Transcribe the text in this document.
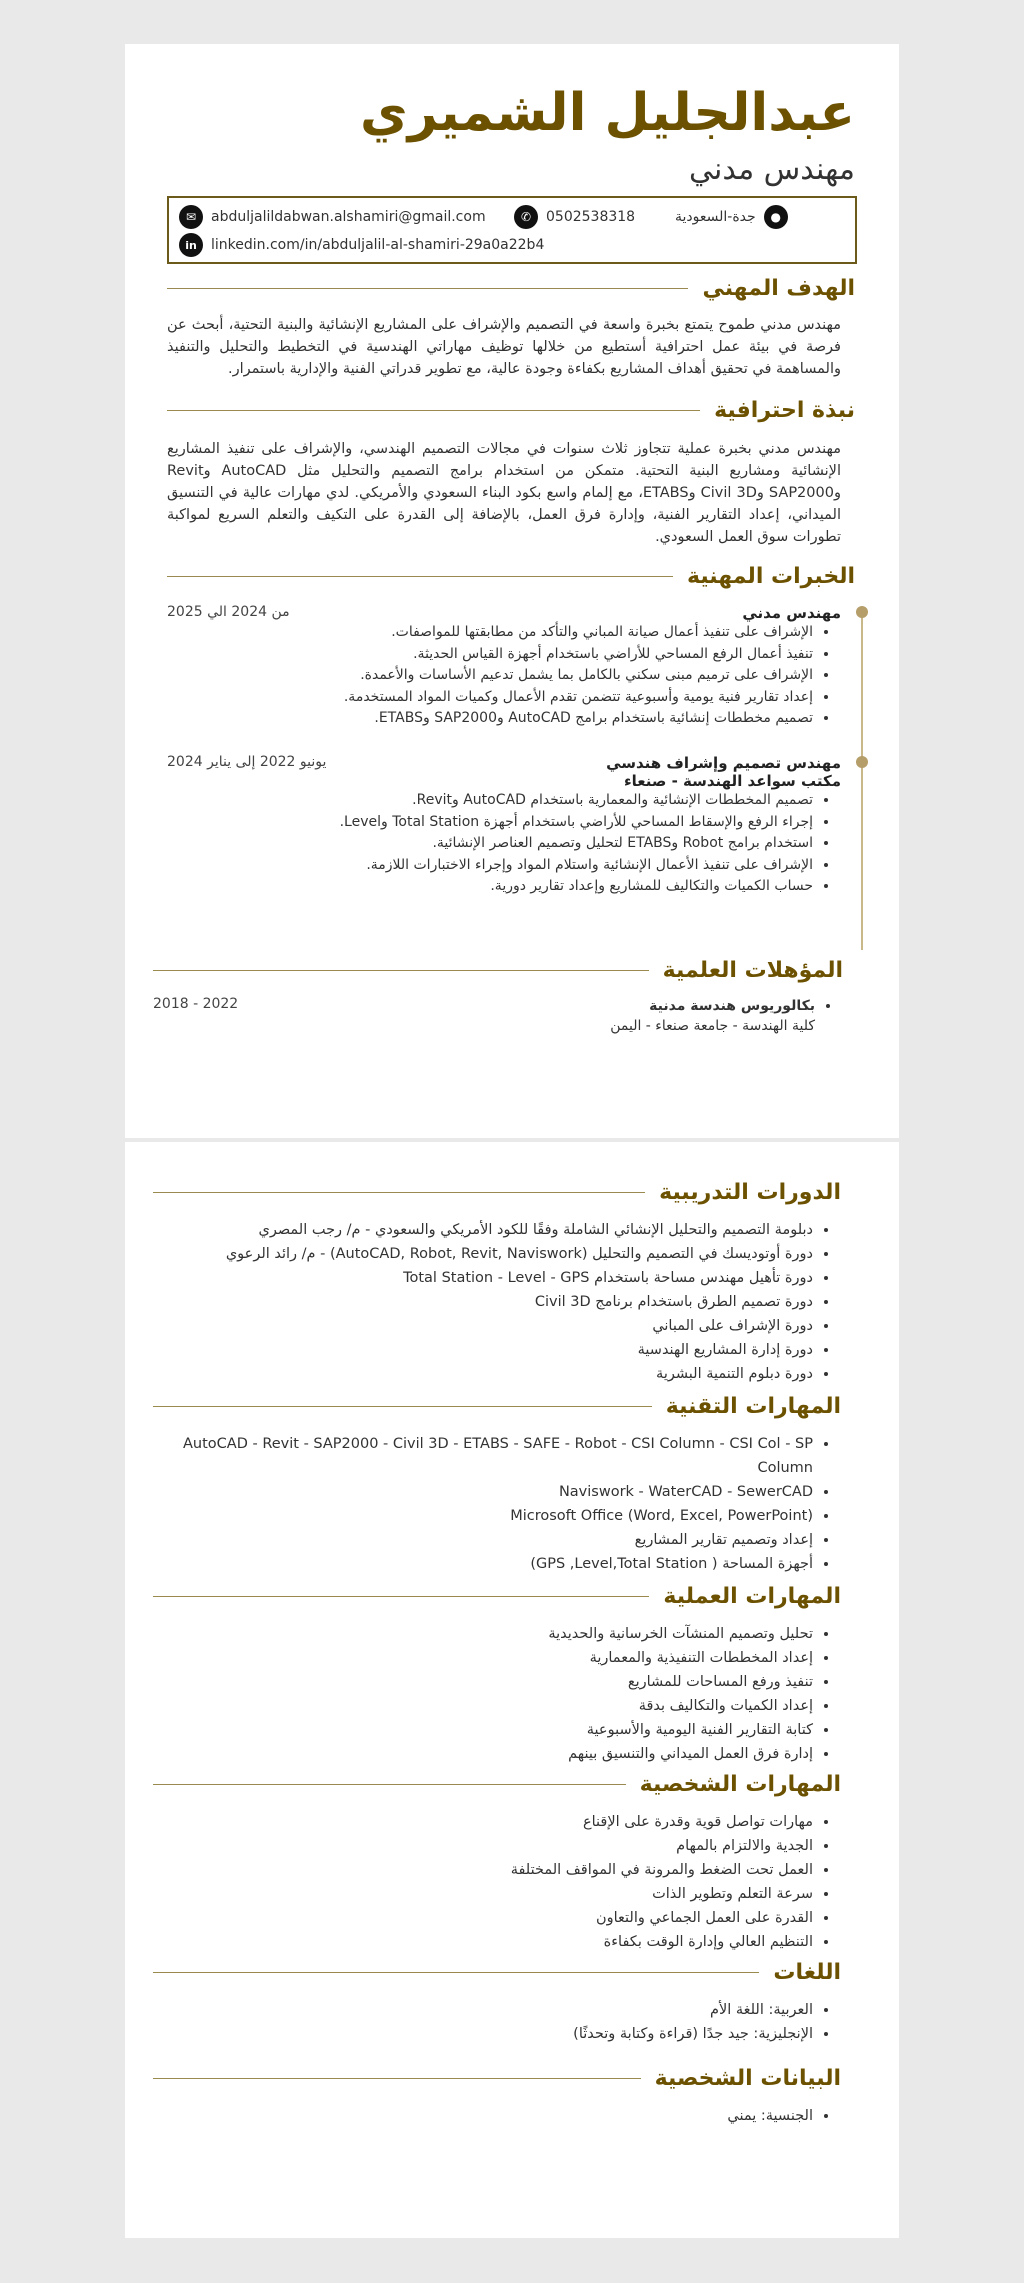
عبدالجليل الشميري
مهندس مدني
✉	abduljalildabwan.alshamiri@gmail.com	✆	0502538318	●
جدة-السعودية
in	linkedin.com/in/abduljalil-al-shamiri-29a0a22b4
الهدف المهني
مهندس مدني طموح يتمتع بخبرة واسعة في التصميم والإشراف على المشاريع الإنشائية والبنية التحتية، أبحث عن فرصة في بيئة عمل احترافية أستطيع من خلالها توظيف مهاراتي الهندسية في التخطيط والتحليل والتنفيذ والمساهمة في تحقيق أهداف المشاريع بكفاءة وجودة عالية، مع تطوير قدراتي الفنية والإدارية باستمرار.
نبذة احترافية
مهندس مدني بخبرة عملية تتجاوز ثلاث سنوات في مجالات التصميم الهندسي، والإشراف على تنفيذ المشاريع الإنشائية ومشاريع البنية التحتية. متمكن من استخدام برامج التصميم والتحليل مثل AutoCAD وRevit وSAP2000 وCivil 3D وETABS، مع إلمام واسع بكود البناء السعودي والأمريكي. لدي مهارات عالية في التنسيق الميداني، إعداد التقارير الفنية، وإدارة فرق العمل، بالإضافة إلى القدرة على التكيف والتعلم السريع لمواكبة تطورات سوق العمل السعودي.
الخبرات المهنية
مهندس مدني
من 2024 الي 2025
• الإشراف على تنفيذ أعمال صيانة المباني والتأكد من مطابقتها للمواصفات.
• تنفيذ أعمال الرفع المساحي للأراضي باستخدام أجهزة القياس الحديثة.
• الإشراف على ترميم مبنى سكني بالكامل بما يشمل تدعيم الأساسات والأعمدة.
• إعداد تقارير فنية يومية وأسبوعية تتضمن تقدم الأعمال وكميات المواد المستخدمة.
• تصميم مخططات إنشائية باستخدام برامج AutoCAD وSAP2000 وETABS.
مهندس تصميم وإشراف هندسي
يونيو 2022 إلى يناير 2024
مكتب سواعد الهندسة - صنعاء
• تصميم المخططات الإنشائية والمعمارية باستخدام AutoCAD وRevit.
• إجراء الرفع والإسقاط المساحي للأراضي باستخدام أجهزة Total Station وLevel.
• استخدام برامج Robot وETABS لتحليل وتصميم العناصر الإنشائية.
• الإشراف على تنفيذ الأعمال الإنشائية واستلام المواد وإجراء الاختبارات اللازمة.
• حساب الكميات والتكاليف للمشاريع وإعداد تقارير دورية.
المؤهلات العلمية
• بكالوريوس هندسة مدنية
كلية الهندسة - جامعة صنعاء - اليمن
2018 - 2022
الدورات التدريبية
• دبلومة التصميم والتحليل الإنشائي الشاملة وفقًا للكود الأمريكي والسعودي - م/ رجب المصري
• دورة أوتوديسك في التصميم والتحليل (AutoCAD, Robot, Revit, Naviswork) - م/ رائد الرعوي
• دورة تأهيل مهندس مساحة باستخدام Total Station - Level - GPS
• دورة تصميم الطرق باستخدام برنامج Civil 3D
• دورة الإشراف على المباني
• دورة إدارة المشاريع الهندسية
• دورة دبلوم التنمية البشرية
المهارات التقنية
• AutoCAD - Revit - SAP2000 - Civil 3D - ETABS - SAFE - Robot - CSI Column - CSI Col - SP Column
• Naviswork - WaterCAD - SewerCAD
• Microsoft Office (Word, Excel, PowerPoint)
• إعداد وتصميم تقارير المشاريع
• أجهزة المساحة ( GPS ,Level,Total Station)
المهارات العملية
• تحليل وتصميم المنشآت الخرسانية والحديدية
• إعداد المخططات التنفيذية والمعمارية
• تنفيذ ورفع المساحات للمشاريع
• إعداد الكميات والتكاليف بدقة
• كتابة التقارير الفنية اليومية والأسبوعية
• إدارة فرق العمل الميداني والتنسيق بينهم
المهارات الشخصية
• مهارات تواصل قوية وقدرة على الإقناع
• الجدية والالتزام بالمهام
• العمل تحت الضغط والمرونة في المواقف المختلفة
• سرعة التعلم وتطوير الذات
• القدرة على العمل الجماعي والتعاون
• التنظيم العالي وإدارة الوقت بكفاءة
اللغات
• العربية: اللغة الأم
• الإنجليزية: جيد جدًا (قراءة وكتابة وتحدثًا)
البيانات الشخصية
• الجنسية: يمني
